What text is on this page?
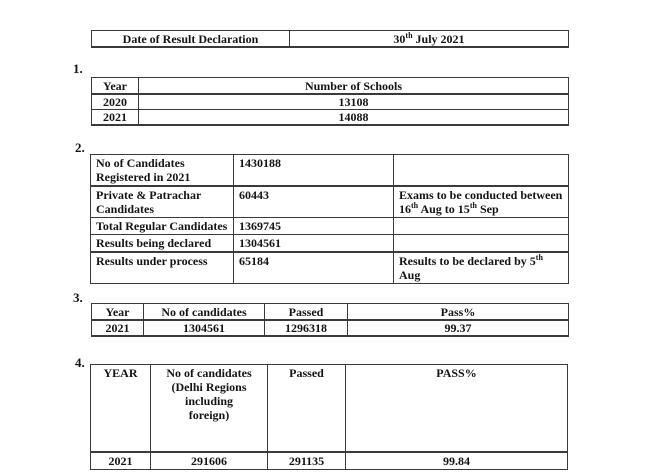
Date of Result Declaration	30th July 2021
1.
Year	Number of Schools
2020	13108
2021	14088
2.
No of Candidates Registered in 2021	1430188	
Private & Patrachar Candidates	60443	Exams to be conducted between 16th Aug to 15th Sep
Total Regular Candidates	1369745	
Results being declared	1304561	
Results under process	65184	Results to be declared by 5th Aug
3.
Year	No of candidates	Passed	Pass%
2021	1304561	1296318	99.37
4.
YEAR	No of candidates (Delhi Regions including foreign)	Passed	PASS%
2021	291606	291135	99.84
